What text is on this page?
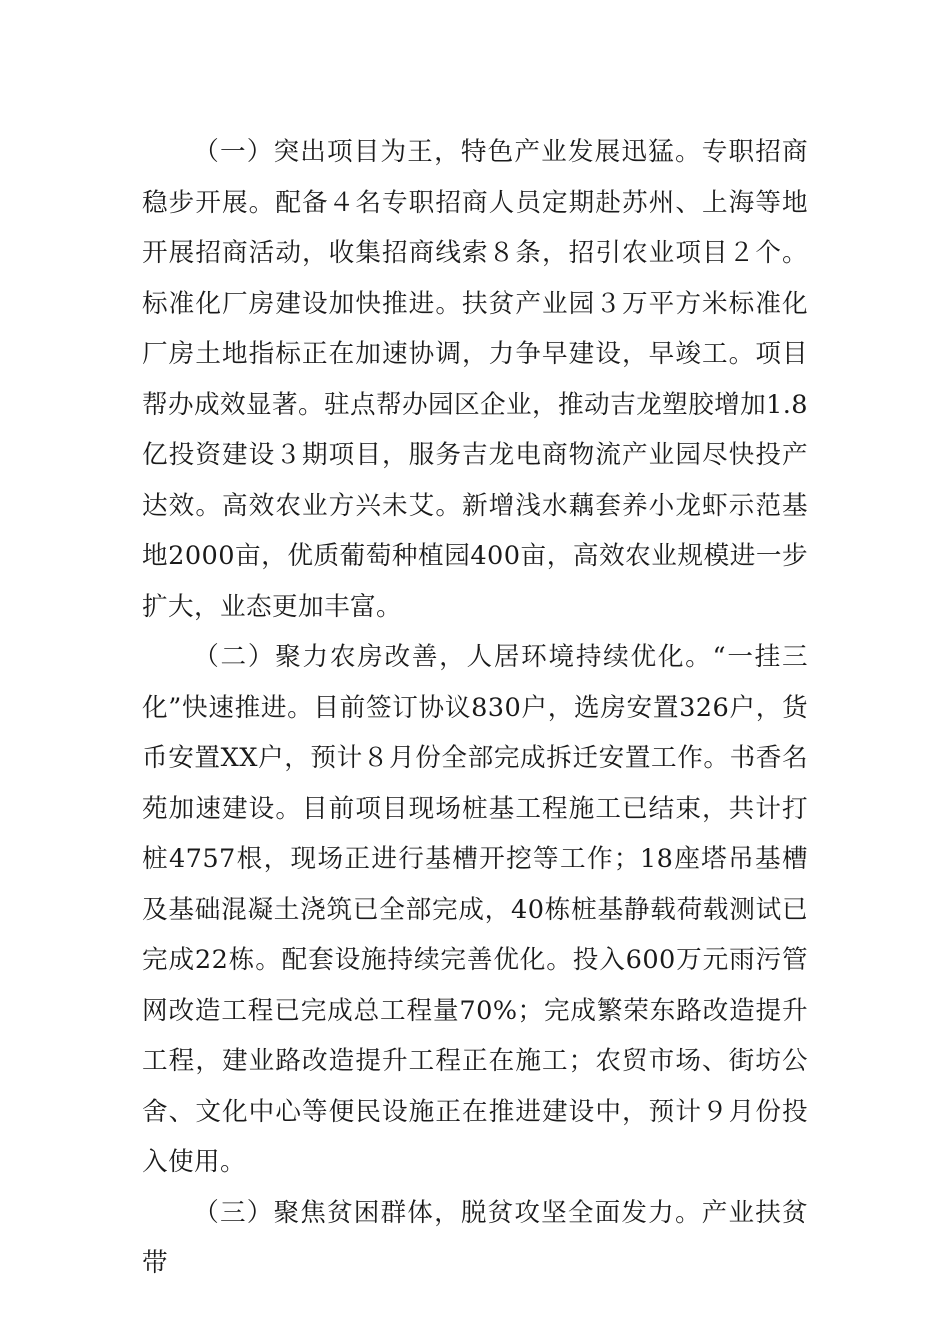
（一）突出项目为王，特色产业发展迅猛。专职招商稳步开展。配备４名专职招商人员定期赴苏州、上海等地开展招商活动，收集招商线索８条，招引农业项目２个。标准化厂房建设加快推进。扶贫产业园３万平方米标准化厂房土地指标正在加速协调，力争早建设，早竣工。项目帮办成效显著。驻点帮办园区企业，推动吉龙塑胶增加1.8亿投资建设３期项目，服务吉龙电商物流产业园尽快投产达效。高效农业方兴未艾。新增浅水藕套养小龙虾示范基地2000亩，优质葡萄种植园400亩，高效农业规模进一步扩大，业态更加丰富。

（二）聚力农房改善，人居环境持续优化。“一挂三化”快速推进。目前签订协议830户，选房安置326户，货币安置XX户，预计８月份全部完成拆迁安置工作。书香名苑加速建设。目前项目现场桩基工程施工已结束，共计打桩4757根，现场正进行基槽开挖等工作；18座塔吊基槽及基础混凝土浇筑已全部完成，40栋桩基静载荷载测试已完成22栋。配套设施持续完善优化。投入600万元雨污管网改造工程已完成总工程量70%；完成繁荣东路改造提升工程，建业路改造提升工程正在施工；农贸市场、街坊公舍、文化中心等便民设施正在推进建设中，预计９月份投入使用。

（三）聚焦贫困群体，脱贫攻坚全面发力。产业扶贫带
